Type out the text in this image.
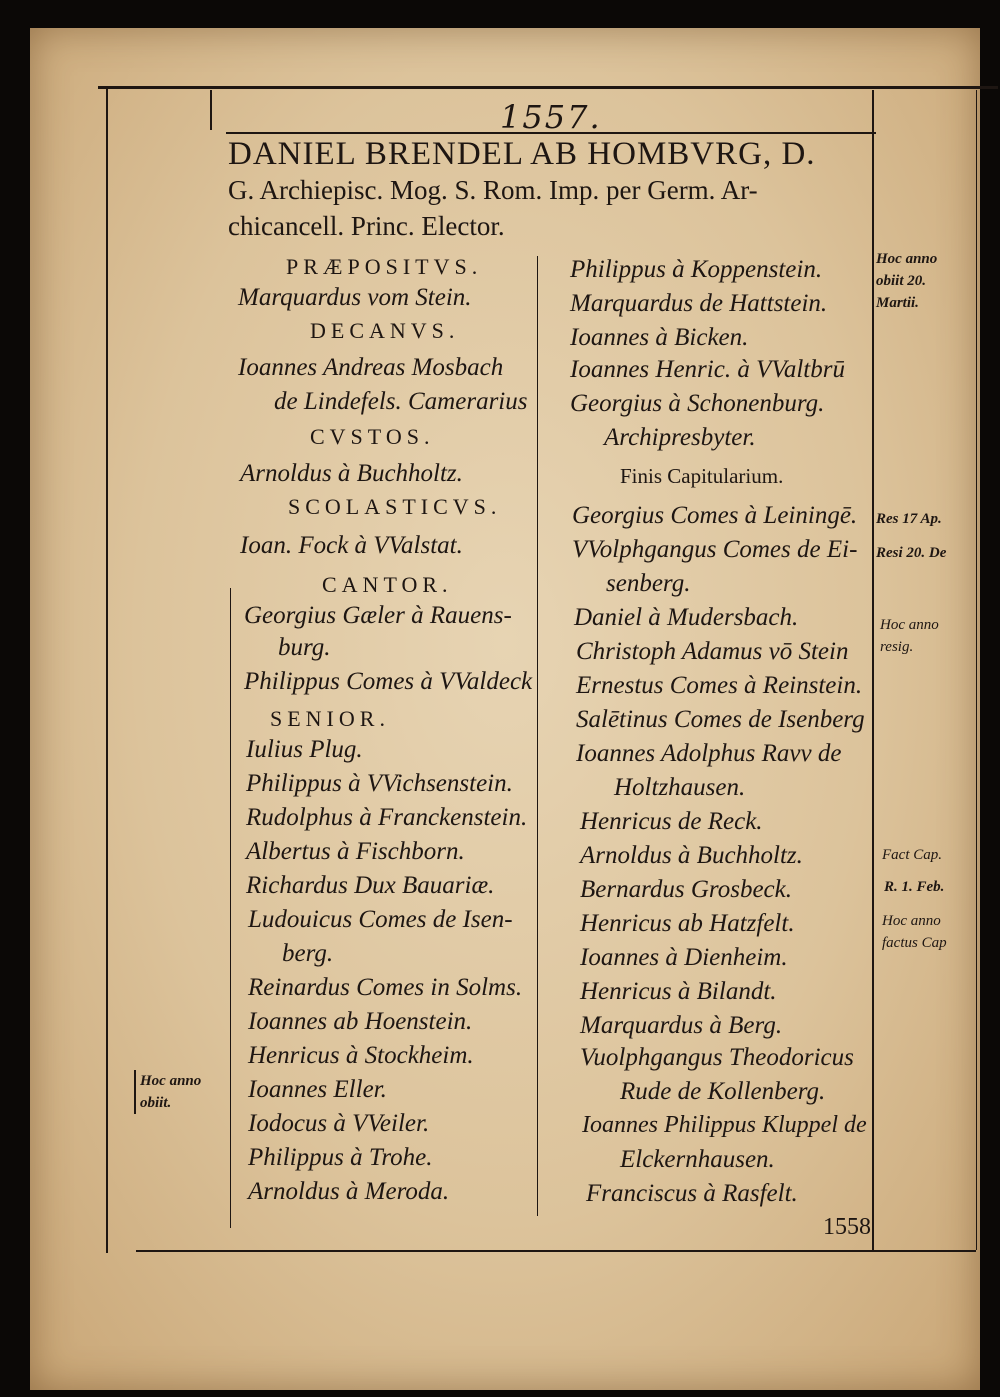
1557.
DANIEL BRENDEL AB HOMBVRG, D.
G. Archiepisc. Mog. S. Rom. Imp. per Germ. Ar-
chicancell. Princ. Elector.
PRÆPOSITVS.
Marquardus vom Stein.
DECANVS.
Ioannes Andreas Mosbach
de Lindefels. Camerarius
CVSTOS.
Arnoldus à Buchholtz.
SCOLASTICVS.
Ioan. Fock à VValstat.
CANTOR.
Georgius Gæler à Rauens-
burg.
Philippus Comes à VValdeck
SENIOR.
Iulius Plug.
Philippus à VVichsenstein.
Rudolphus à Franckenstein.
Albertus à Fischborn.
Richardus Dux Bauariæ.
Ludouicus Comes de Isen-
berg.
Reinardus Comes in Solms.
Ioannes ab Hoenstein.
Henricus à Stockheim.
Ioannes Eller.
Iodocus à VVeiler.
Philippus à Trohe.
Arnoldus à Meroda.
Philippus à Koppenstein.
Marquardus de Hattstein.
Ioannes à Bicken.
Ioannes Henric. à VValtbrū
Georgius à Schonenburg.
Archipresbyter.
Finis Capitularium.
Georgius Comes à Leiningē.
VVolphgangus Comes de Ei-
senberg.
Daniel à Mudersbach.
Christoph Adamus vō Stein
Ernestus Comes à Reinstein.
Salētinus Comes de Isenberg
Ioannes Adolphus Ravv de
Holtzhausen.
Henricus de Reck.
Arnoldus à Buchholtz.
Bernardus Grosbeck.
Henricus ab Hatzfelt.
Ioannes à Dienheim.
Henricus à Bilandt.
Marquardus à Berg.
Vuolphgangus Theodoricus
Rude de Kollenberg.
Ioannes Philippus Kluppel de
Elckernhausen.
Franciscus à Rasfelt.
Hoc anno
obiit 20.
Martii.
Res 17 Ap.
Resi 20. De
Hoc anno
resig.
Fact Cap.
R. 1. Feb.
Hoc anno
factus Cap
Hoc anno
obiit.
1558
